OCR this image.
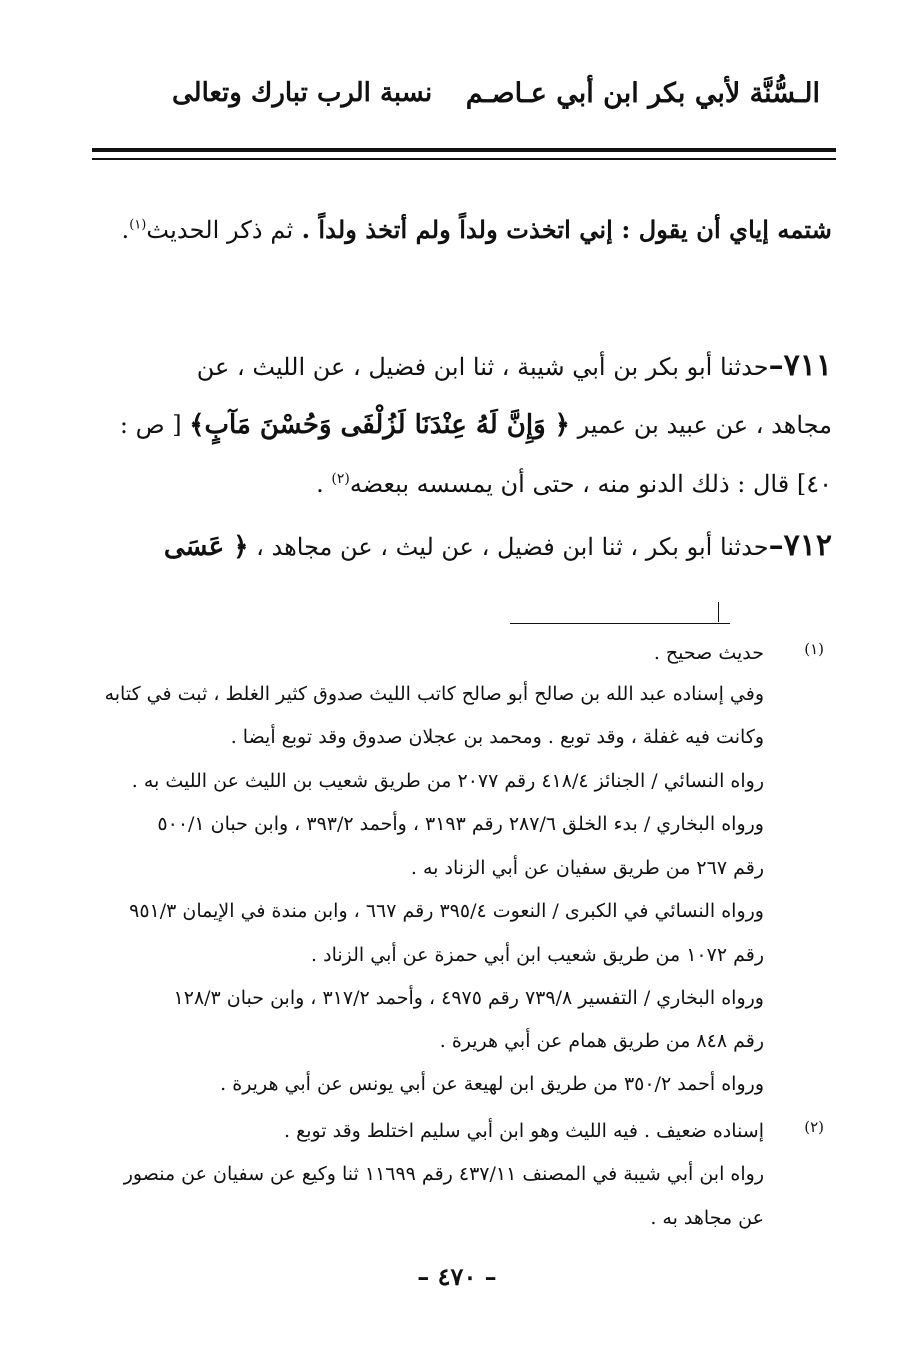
الـسُّنَّة لأبي بكر ابن أبي عـاصـم
نسبة الرب تبارك وتعالى
شتمه إياي أن يقول : إني اتخذت ولداً ولم أتخذ ولداً . ثم ذكر الحديث$^{(١)}$.
٧١١–حدثنا أبو بكر بن أبي شيبة ، ثنا ابن فضيل ، عن الليث ، عن
مجاهد ، عن عبيد بن عمير ﴿ وَإِنَّ لَهُ عِنْدَنَا لَزُلْفَى وَحُسْنَ مَآبٍ﴾ [ ص :
٤٠] قال : ذلك الدنو منه ، حتى أن يمسسه ببعضه$^{(٢)}$ .
٧١٢–حدثنا أبو بكر ، ثنا ابن فضيل ، عن ليث ، عن مجاهد ، ﴿ عَسَى
(١)
حديث صحيح .
وفي إسناده عبد الله بن صالح أبو صالح كاتب الليث صدوق كثير الغلط ، ثبت في كتابه
وكانت فيه غفلة ، وقد توبع . ومحمد بن عجلان صدوق وقد توبع أيضا .
رواه النسائي / الجنائز ٤١٨/٤ رقم ٢٠٧٧ من طريق شعيب بن الليث عن الليث به .
ورواه البخاري / بدء الخلق ٢٨٧/٦ رقم ٣١٩٣ ، وأحمد ٣٩٣/٢ ، وابن حبان ٥٠٠/١
رقم ٢٦٧ من طريق سفيان عن أبي الزناد به .
ورواه النسائي في الكبرى / النعوت ٣٩٥/٤ رقم ٦٦٧ ، وابن مندة في الإيمان ٩٥١/٣
رقم ١٠٧٢ من طريق شعيب ابن أبي حمزة عن أبي الزناد .
ورواه البخاري / التفسير ٧٣٩/٨ رقم ٤٩٧٥ ، وأحمد ٣١٧/٢ ، وابن حبان ١٢٨/٣
رقم ٨٤٨ من طريق همام عن أبي هريرة .
ورواه أحمد ٣٥٠/٢ من طريق ابن لهيعة عن أبي يونس عن أبي هريرة .
(٢)
إسناده ضعيف . فيه الليث وهو ابن أبي سليم اختلط وقد توبع .
رواه ابن أبي شيبة في المصنف ٤٣٧/١١ رقم ١١٦٩٩ ثنا وكيع عن سفيان عن منصور
عن مجاهد به .
– ٤٧٠ –
